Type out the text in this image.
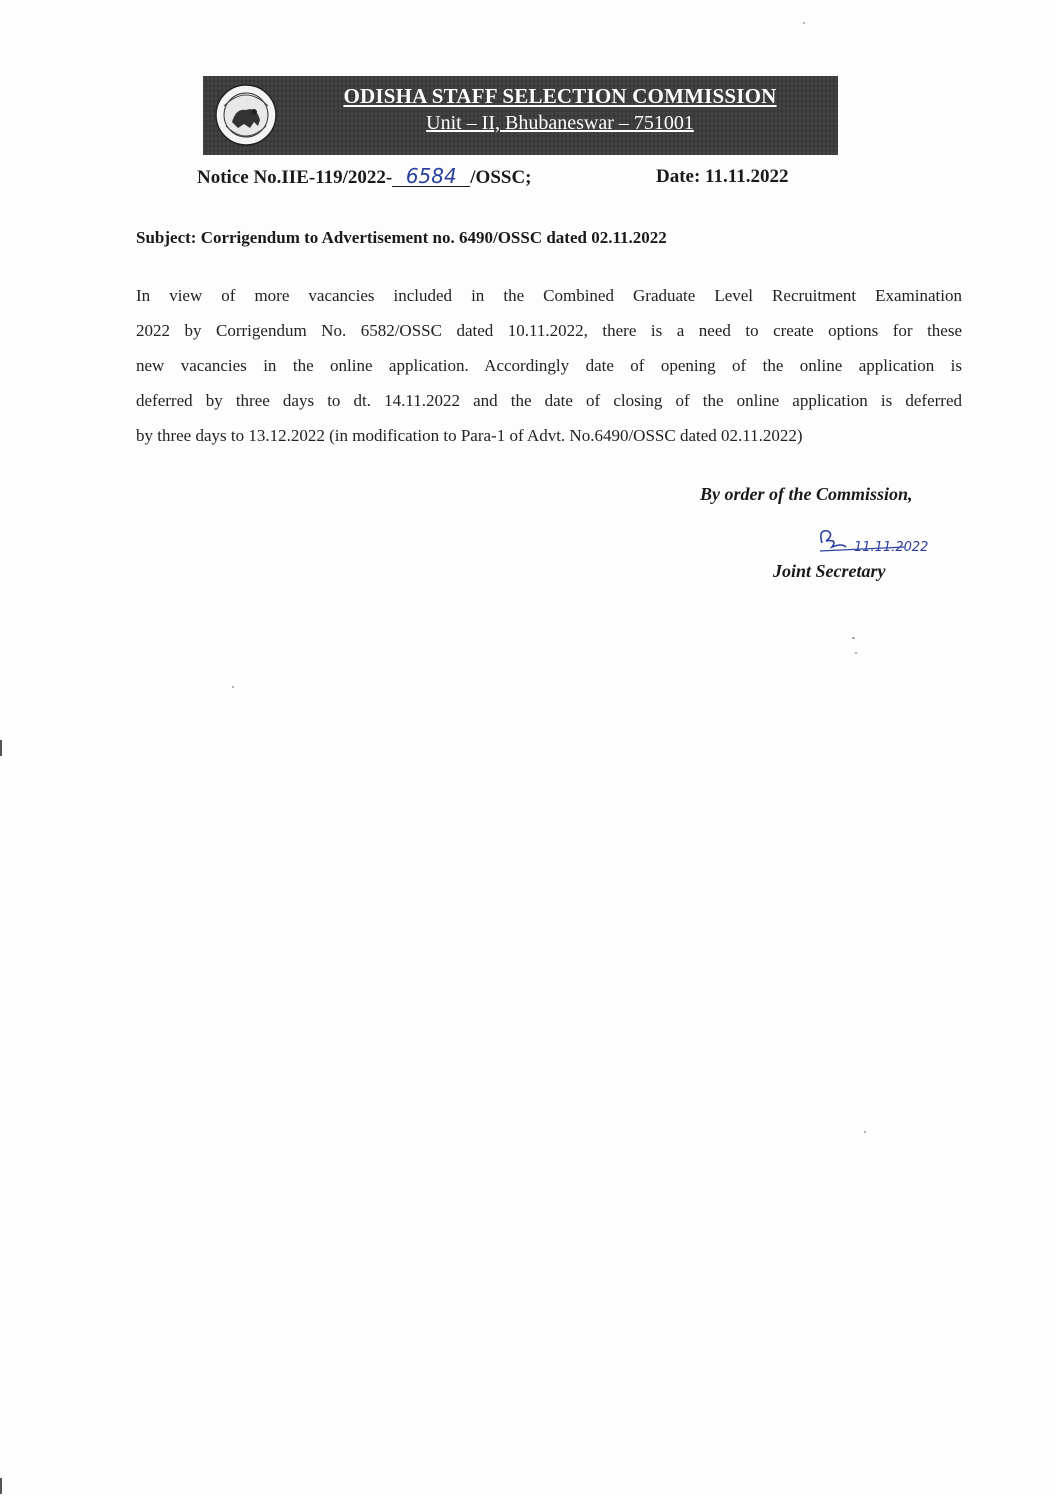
ODISHA STAFF SELECTION COMMISSION
Unit – II, Bhubaneswar – 751001
Notice No.IIE-119/2022- 6584 /OSSC;	Date: 11.11.2022
Subject: Corrigendum to Advertisement no. 6490/OSSC dated 02.11.2022
In view of more vacancies included in the Combined Graduate Level Recruitment Examination
2022 by Corrigendum No. 6582/OSSC dated 10.11.2022, there is a need to create options for these
new vacancies in the online application. Accordingly date of opening of the online application is
deferred by three days to dt. 14.11.2022 and the date of closing of the online application is deferred
by three days to 13.12.2022 (in modification to Para-1 of Advt. No.6490/OSSC dated 02.11.2022)
By order of the Commission,
11.11.2022
Joint Secretary
